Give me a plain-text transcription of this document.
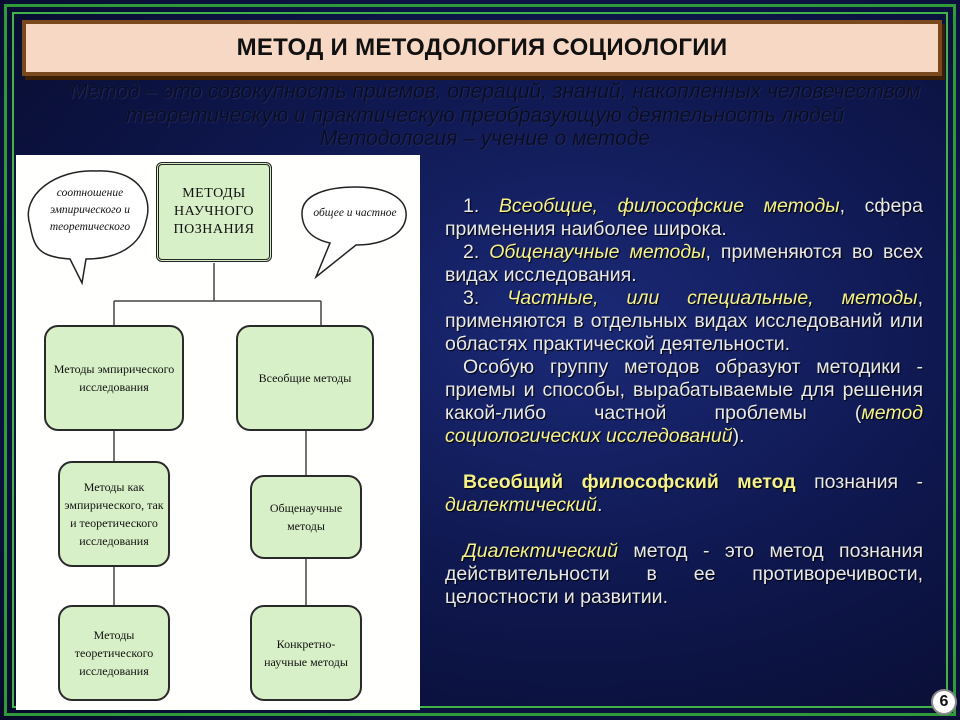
МЕТОД И МЕТОДОЛОГИЯ СОЦИОЛОГИИ
Метод – это совокупность приемов, операций, знаний, накопленных человечеством
теоретическую и практическую преобразующую деятельность людей
Методология – учение о методе
соотношение эмпирического и теоретического
общее и частное
МЕТОДЫ НАУЧНОГО ПОЗНАНИЯ
Методы эмпирического исследования
Методы как эмпирического, так и теоретического исследования
Методы теоретического исследования
Всеобщие методы
Общенаучные методы
Конкретно-научные методы

1. Всеобщие, философские методы, сфера применения наиболее широка.

2. Общенаучные методы, применяются во всех видах исследования.

3. Частные, или специальные, методы, применяются в отдельных видах исследований или областях практической деятельности.

Особую группу методов образуют методики - приемы и способы, вырабатываемые для решения какой-либо частной проблемы (метод социологических исследований).

Всеобщий философский метод познания - диалектический.

Диалектический метод - это метод познания действительности в ее противоречивости, целостности и развитии.

6
